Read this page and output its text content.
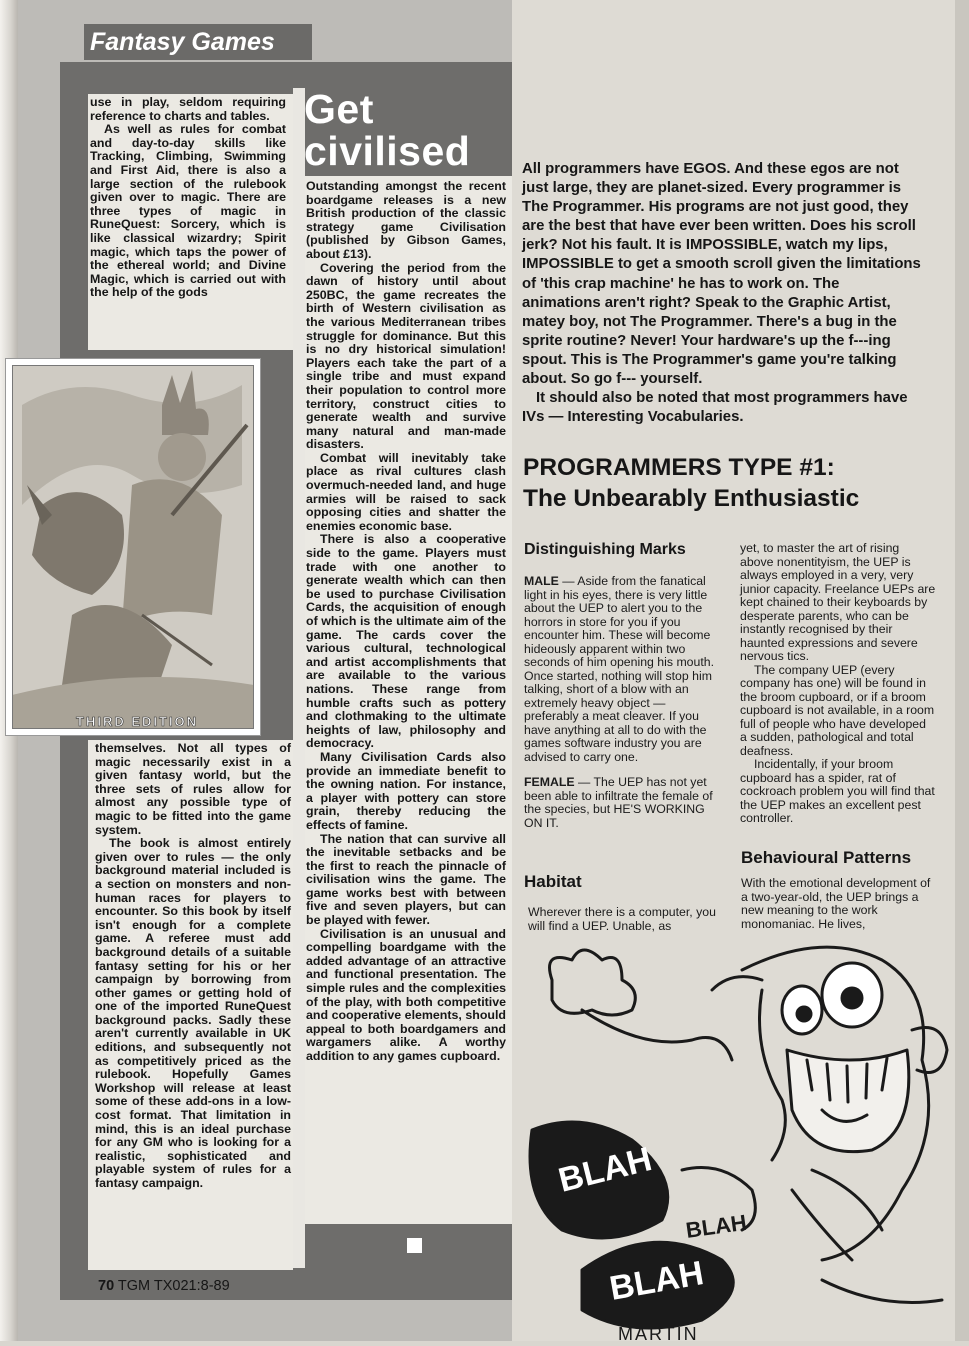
Fantasy Games

use in play, seldom requiring reference to charts and tables.

As well as rules for combat and day-to-day skills like Tracking, Climbing, Swimming and First Aid, there is also a large section of the rulebook given over to magic. There are three types of magic in RuneQuest: Sorcery, which is like classical wizardry; Spirit magic, which taps the power of the ethereal world; and Divine Magic, which is carried out with the help of the gods

THIRD EDITION

themselves. Not all types of magic necessarily exist in a given fantasy world, but the three sets of rules allow for almost any possible type of magic to be fitted into the game system.

The book is almost entirely given over to rules — the only background material included is a section on monsters and non-human races for players to encounter. So this book by itself isn't enough for a complete game. A referee must add background details of a suitable fantasy setting for his or her campaign by borrowing from other games or getting hold of one of the imported RuneQuest background packs. Sadly these aren't currently available in UK editions, and subsequently not as competitively priced as the rulebook. Hopefully Games Workshop will release at least some of these add-ons in a low-cost format. That limitation in mind, this is an ideal purchase for any GM who is looking for a realistic, sophisticated and playable system of rules for a fantasy campaign.

Get
civilised

Outstanding amongst the recent boardgame releases is a new British production of the classic strategy game Civilisation (published by Gibson Games, about £13).

Covering the period from the dawn of history until about 250BC, the game recreates the birth of Western civilisation as the various Mediterranean tribes struggle for dominance. But this is no dry historical simulation! Players each take the part of a single tribe and must expand their population to control more territory, construct cities to generate wealth and survive many natural and man-made disasters.

Combat will inevitably take place as rival cultures clash overmuch-needed land, and huge armies will be raised to sack opposing cities and shatter the enemies economic base.

There is also a cooperative side to the game. Players must trade with one another to generate wealth which can then be used to purchase Civilisation Cards, the acquisition of enough of which is the ultimate aim of the game. The cards cover the various cultural, technological and artist accomplishments that are available to the various nations. These range from humble crafts such as pottery and clothmaking to the ultimate heights of law, philosophy and democracy.

Many Civilisation Cards also provide an immediate benefit to the owning nation. For instance, a player with pottery can store grain, thereby reducing the effects of famine.

The nation that can survive all the inevitable setbacks and be the first to reach the pinnacle of civilisation wins the game. The game works best with between five and seven players, but can be played with fewer.

Civilisation is an unusual and compelling boardgame with the added advantage of an attractive and functional presentation. The simple rules and the complexities of the play, with both competitive and cooperative elements, should appeal to both boardgamers and wargamers alike. A worthy addition to any games cupboard.

70 TGM TX021:8-89

All programmers have EGOS. And these egos are not just large, they are planet-sized. Every programmer is The Programmer. His programs are not just good, they are the best that have ever been written. Does his scroll jerk? Not his fault. It is IMPOSSIBLE, watch my lips, IMPOSSIBLE to get a smooth scroll given the limitations of 'this crap machine' he has to work on. The animations aren't right? Speak to the Graphic Artist, matey boy, not The Programmer. There's a bug in the sprite routine? Never! Your hardware's up the f---ing spout. This is The Programmer's game you're talking about. So go f--- yourself.

It should also be noted that most programmers have IVs — Interesting Vocabularies.

PROGRAMMERS TYPE #1:
The Unbearably Enthusiastic
Distinguishing Marks

MALE — Aside from the fanatical light in his eyes, there is very little about the UEP to alert you to the horrors in store for you if you encounter him. These will become hideously apparent within two seconds of him opening his mouth. Once started, nothing will stop him talking, short of a blow with an extremely heavy object — preferably a meat cleaver. If you have anything at all to do with the games software industry you are advised to carry one.

FEMALE — The UEP has not yet been able to infiltrate the female of the species, but HE'S WORKING ON IT.

Habitat
Wherever there is a computer, you will find a UEP. Unable, as

yet, to master the art of rising above nonentityism, the UEP is always employed in a very, very junior capacity. Freelance UEPs are kept chained to their keyboards by desperate parents, who can be instantly recognised by their haunted expressions and severe nervous tics.

The company UEP (every company has one) will be found in the broom cupboard, or if a broom cupboard is not available, in a room full of people who have developed a sudden, pathological and total deafness.

Incidentally, if your broom cupboard has a spider, rat of cockroach problem you will find that the UEP makes an excellent pest controller.

Behavioural Patterns
With the emotional development of a two-year-old, the UEP brings a new meaning to the work monomaniac. He lives,
BLAH
BLAH
BLAH
MARTIN
